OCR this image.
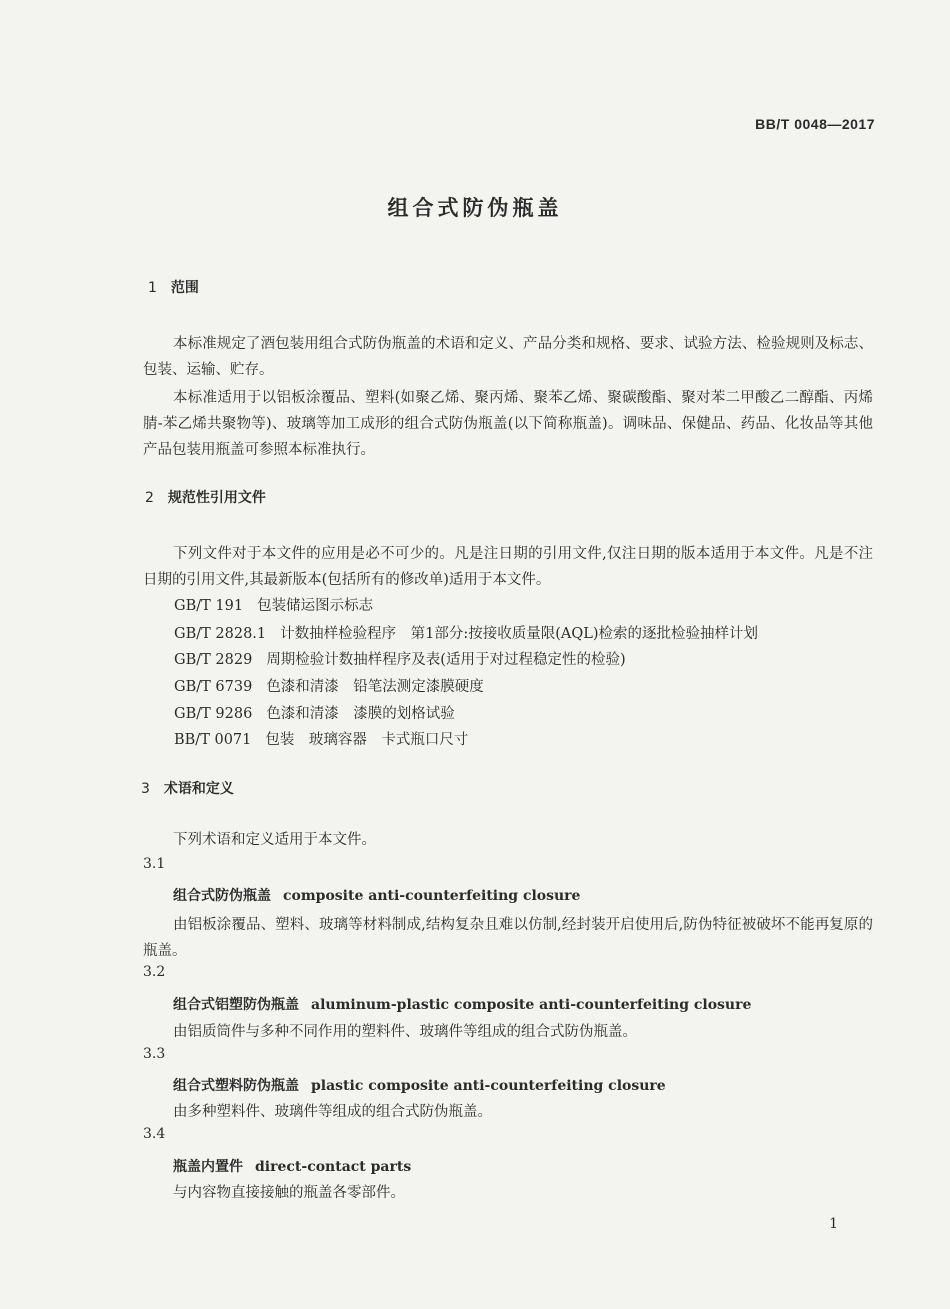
BB/T 0048—2017
组合式防伪瓶盖
1 范围

本标准规定了酒包装用组合式防伪瓶盖的术语和定义、产品分类和规格、要求、试验方法、检验规则及标志、包装、运输、贮存。

本标准适用于以铝板涂覆品、塑料(如聚乙烯、聚丙烯、聚苯乙烯、聚碳酸酯、聚对苯二甲酸乙二醇酯、丙烯腈-苯乙烯共聚物等)、玻璃等加工成形的组合式防伪瓶盖(以下简称瓶盖)。调味品、保健品、药品、化妆品等其他产品包装用瓶盖可参照本标准执行。

2 规范性引用文件

下列文件对于本文件的应用是必不可少的。凡是注日期的引用文件,仅注日期的版本适用于本文件。凡是不注日期的引用文件,其最新版本(包括所有的修改单)适用于本文件。

GB/T 191 包装储运图示标志
GB/T 2828.1 计数抽样检验程序　第1部分:按接收质量限(AQL)检索的逐批检验抽样计划
GB/T 2829 周期检验计数抽样程序及表(适用于对过程稳定性的检验)
GB/T 6739 色漆和清漆　铅笔法测定漆膜硬度
GB/T 9286 色漆和清漆　漆膜的划格试验
BB/T 0071 包装　玻璃容器　卡式瓶口尺寸
3 术语和定义

下列术语和定义适用于本文件。

3.1
组合式防伪瓶盖 composite anti-counterfeiting closure

由铝板涂覆品、塑料、玻璃等材料制成,结构复杂且难以仿制,经封装开启使用后,防伪特征被破坏不能再复原的瓶盖。

3.2
组合式铝塑防伪瓶盖 aluminum-plastic composite anti-counterfeiting closure

由铝质筒件与多种不同作用的塑料件、玻璃件等组成的组合式防伪瓶盖。

3.3
组合式塑料防伪瓶盖 plastic composite anti-counterfeiting closure

由多种塑料件、玻璃件等组成的组合式防伪瓶盖。

3.4
瓶盖内置件 direct-contact parts

与内容物直接接触的瓶盖各零部件。

1
